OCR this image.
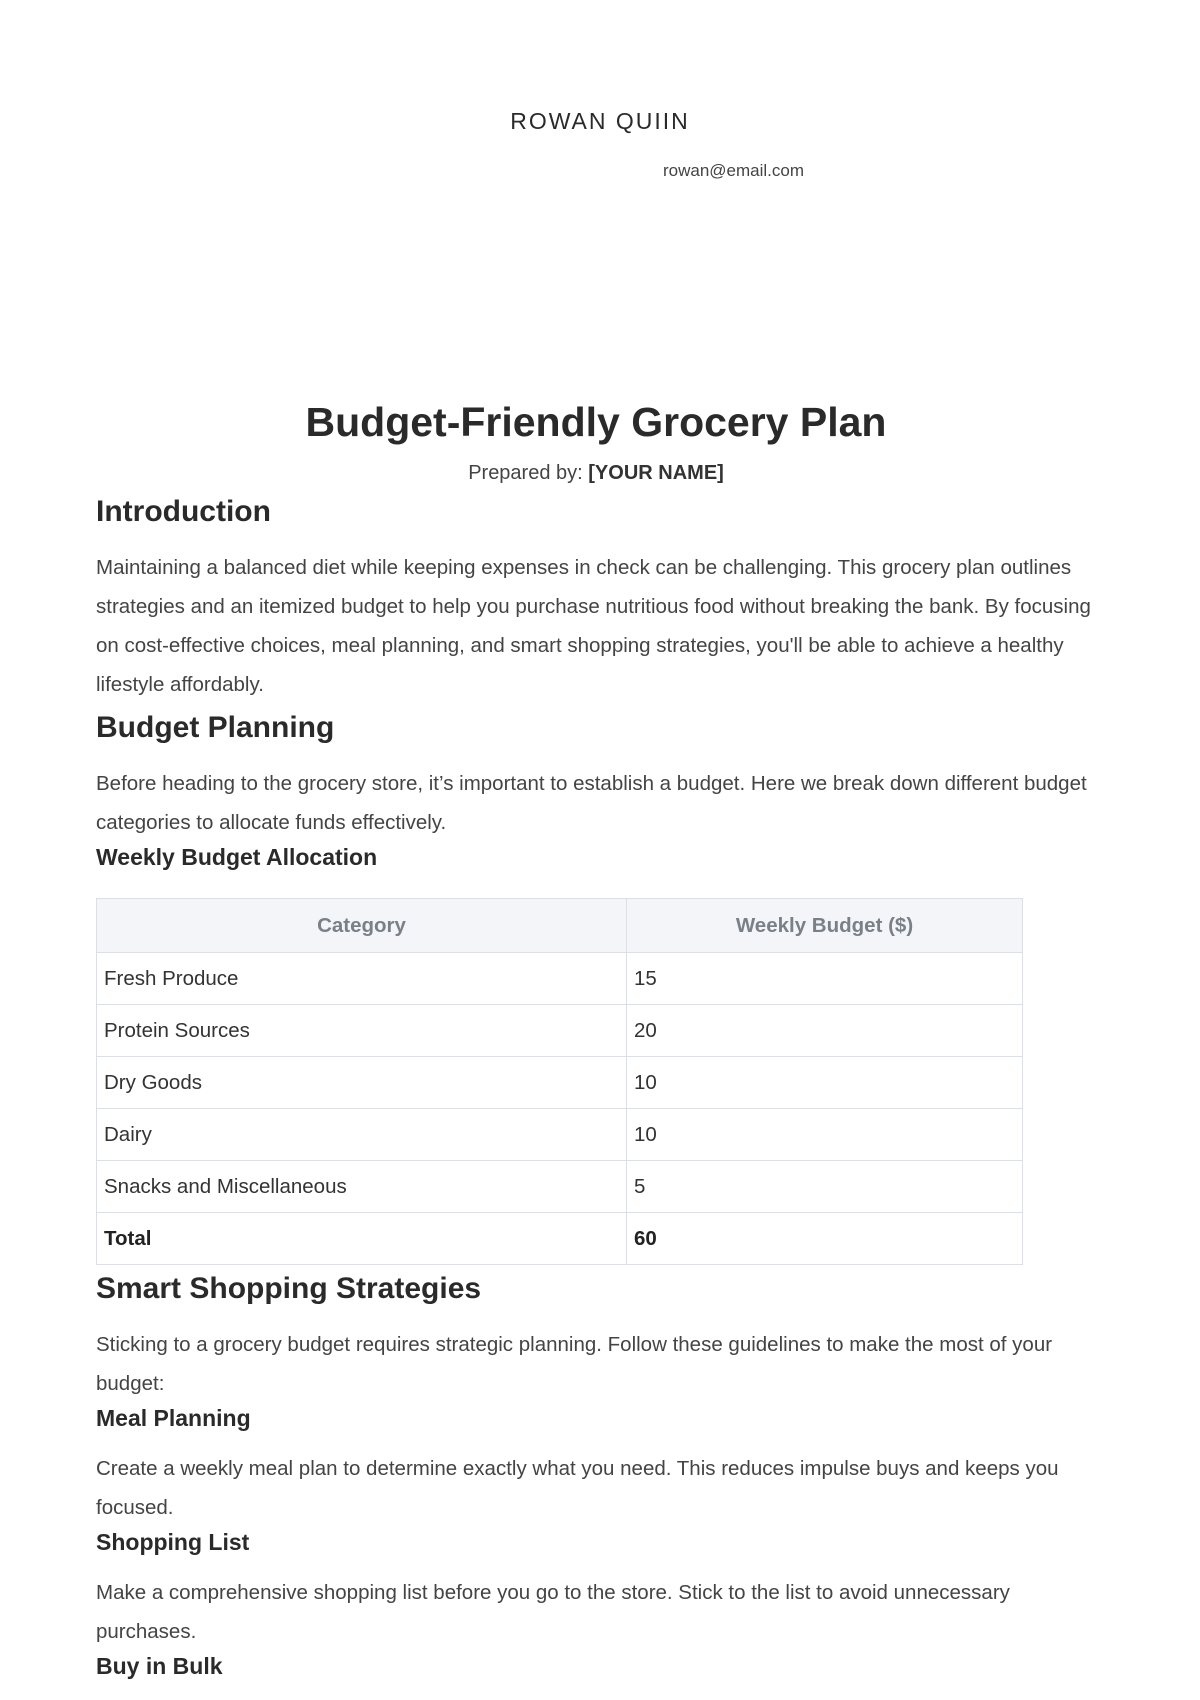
ROWAN QUIIN
rowan@email.com
Budget-Friendly Grocery Plan

Prepared by: [YOUR NAME]

Introduction

Maintaining a balanced diet while keeping expenses in check can be challenging. This grocery plan outlines strategies and an itemized budget to help you purchase nutritious food without breaking the bank. By focusing on cost-effective choices, meal planning, and smart shopping strategies, you'll be able to achieve a healthy lifestyle affordably.

Budget Planning

Before heading to the grocery store, it’s important to establish a budget. Here we break down different budget categories to allocate funds effectively.

Weekly Budget Allocation
Category	Weekly Budget ($)
Fresh Produce	15
Protein Sources	20
Dry Goods	10
Dairy	10
Snacks and Miscellaneous	5
Total	60
Smart Shopping Strategies

Sticking to a grocery budget requires strategic planning. Follow these guidelines to make the most of your budget:

Meal Planning

Create a weekly meal plan to determine exactly what you need. This reduces impulse buys and keeps you focused.

Shopping List

Make a comprehensive shopping list before you go to the store. Stick to the list to avoid unnecessary purchases.

Buy in Bulk
